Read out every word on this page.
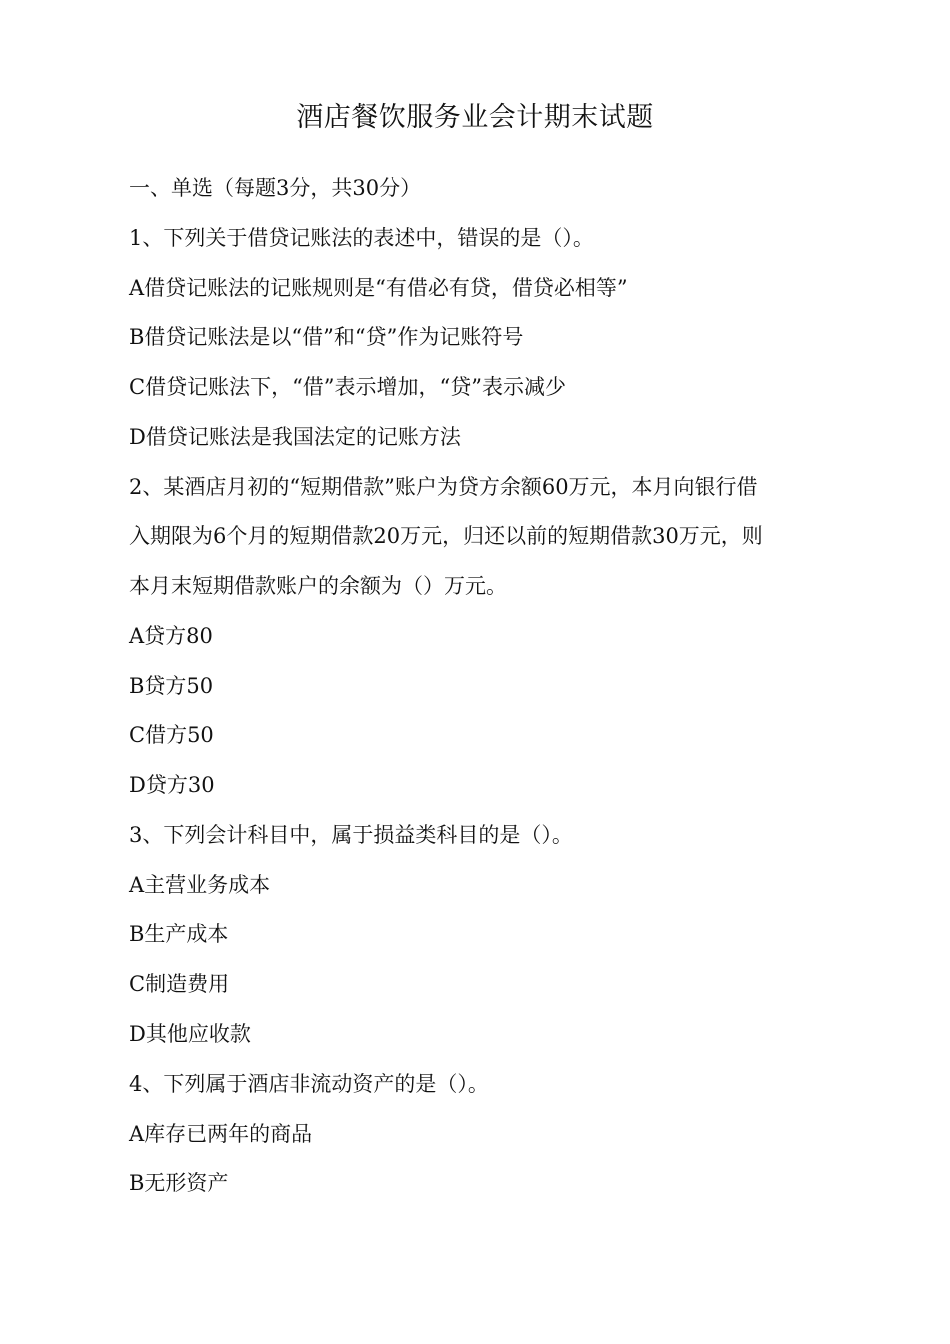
酒店餐饮服务业会计期末试题
一、单选（每题3分，共30分）
1、下列关于借贷记账法的表述中，错误的是（）。
A借贷记账法的记账规则是“有借必有贷，借贷必相等”
B借贷记账法是以“借”和“贷”作为记账符号
C借贷记账法下，“借”表示增加，“贷”表示减少
D借贷记账法是我国法定的记账方法
2、某酒店月初的“短期借款”账户为贷方余额60万元，本月向银行借
入期限为6个月的短期借款20万元，归还以前的短期借款30万元，则
本月末短期借款账户的余额为（）万元。
A贷方80
B贷方50
C借方50
D贷方30
3、下列会计科目中，属于损益类科目的是（）。
A主营业务成本
B生产成本
C制造费用
D其他应收款
4、下列属于酒店非流动资产的是（）。
A库存已两年的商品
B无形资产
